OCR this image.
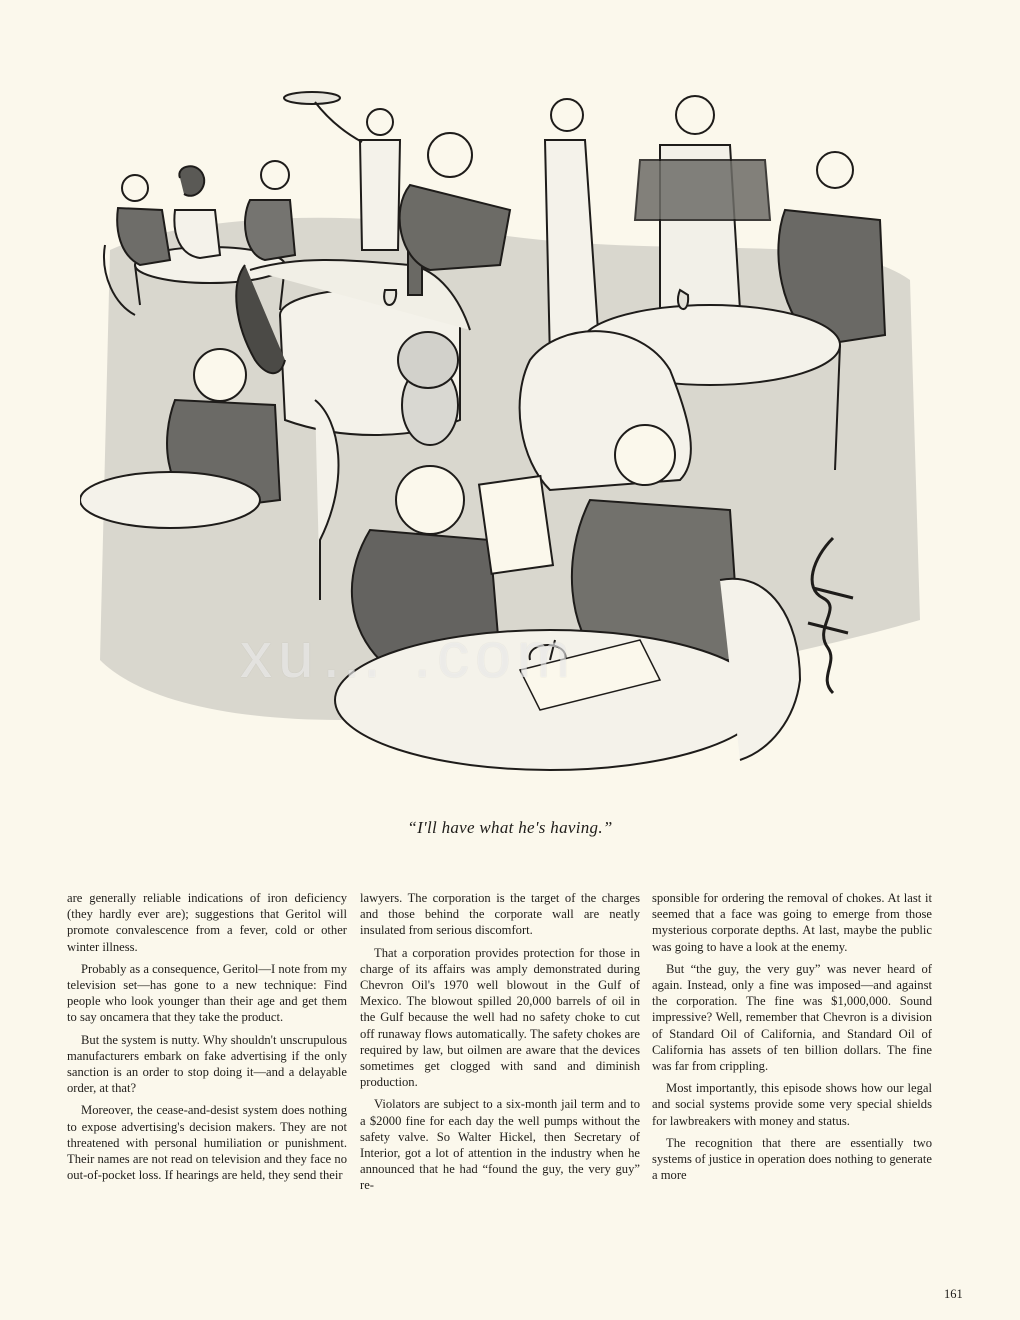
xu… .com
“I'll have what he's having.”

are generally reliable indications of iron deficiency (they hardly ever are); suggestions that Geritol will promote convalescence from a fever, cold or other winter illness.

Probably as a consequence, Geritol—I note from my television set—has gone to a new technique: Find people who look younger than their age and get them to say oncamera that they take the product.

But the system is nutty. Why shouldn't unscrupulous manufacturers embark on fake advertising if the only sanction is an order to stop doing it—and a delayable order, at that?

Moreover, the cease-and-desist system does nothing to expose advertising's decision makers. They are not threatened with personal humiliation or punishment. Their names are not read on television and they face no out-of-pocket loss. If hearings are held, they send their

lawyers. The corporation is the target of the charges and those behind the corporate wall are neatly insulated from serious discomfort.

That a corporation provides protection for those in charge of its affairs was amply demonstrated during Chevron Oil's 1970 well blowout in the Gulf of Mexico. The blowout spilled 20,000 barrels of oil in the Gulf because the well had no safety choke to cut off runaway flows automatically. The safety chokes are required by law, but oilmen are aware that the devices sometimes get clogged with sand and diminish production.

Violators are subject to a six-month jail term and to a $2000 fine for each day the well pumps without the safety valve. So Walter Hickel, then Secretary of Interior, got a lot of attention in the industry when he announced that he had “found the guy, the very guy” re-

sponsible for ordering the removal of chokes. At last it seemed that a face was going to emerge from those mysterious corporate depths. At last, maybe the public was going to have a look at the enemy.

But “the guy, the very guy” was never heard of again. Instead, only a fine was imposed—and against the corporation. The fine was $1,000,000. Sound impressive? Well, remember that Chevron is a division of Standard Oil of California, and Standard Oil of California has assets of ten billion dollars. The fine was far from crippling.

Most importantly, this episode shows how our legal and social systems provide some very special shields for lawbreakers with money and status.

The recognition that there are essentially two systems of justice in operation does nothing to generate a more

161
